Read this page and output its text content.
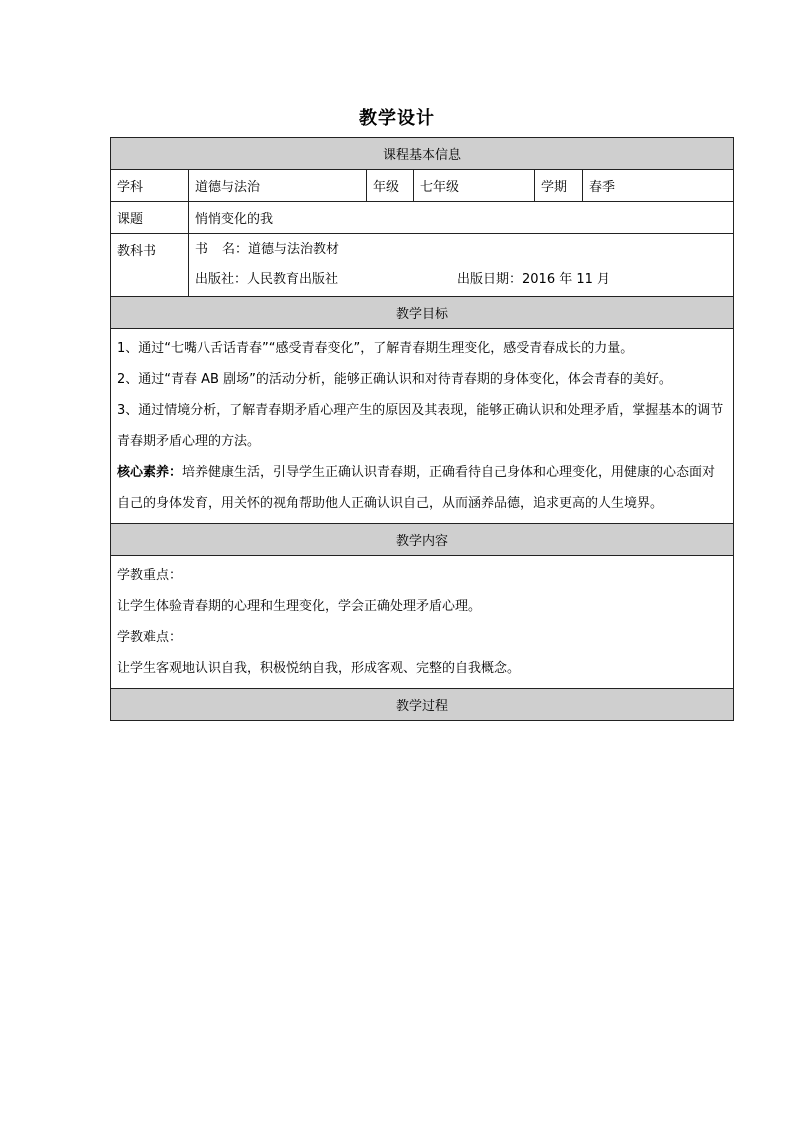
教学设计
课程基本信息					
学科	道德与法治	年级	七年级	学期	春季
课题	悄悄变化的我				
教科书	书 名：道德与法治教材

出版社：人民教育出版社 出版日期：2016 年 11 月				

教学目标					

1、通过“七嘴八舌话青春”“感受青春变化”，了解青春期生理变化，感受青春成长的力量。

2、通过“青春 AB 剧场”的活动分析，能够正确认识和对待青春期的身体变化，体会青春的美好。

3、通过情境分析，了解青春期矛盾心理产生的原因及其表现，能够正确认识和处理矛盾，掌握基本的调节青春期矛盾心理的方法。

核心素养：培养健康生活，引导学生正确认识青春期，正确看待自己身体和心理变化，用健康的心态面对自己的身体发育，用关怀的视角帮助他人正确认识自己，从而涵养品德，追求更高的人生境界。					

教学内容					

学教重点：

让学生体验青春期的心理和生理变化，学会正确处理矛盾心理。

学教难点：

让学生客观地认识自我，积极悦纳自我，形成客观、完整的自我概念。					

教学过程					
